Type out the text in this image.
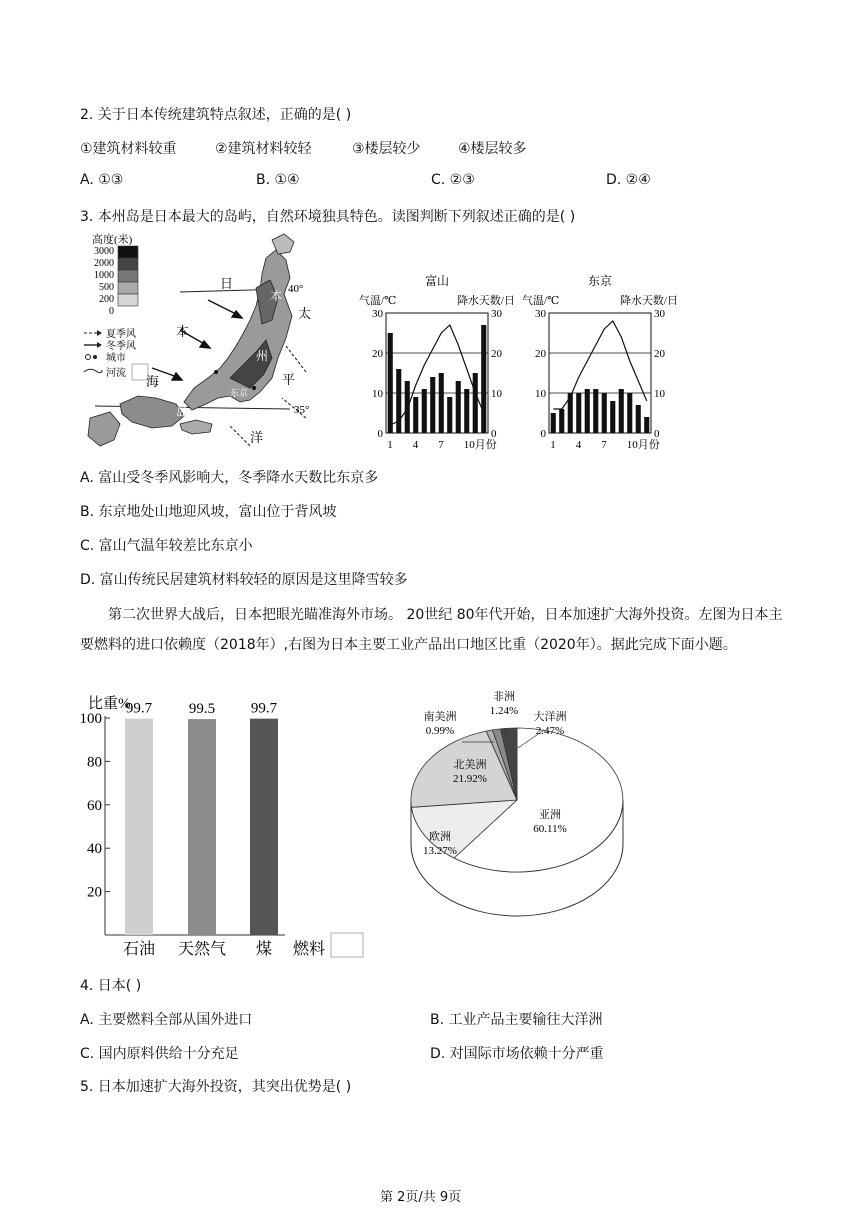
2. 关于日本传统建筑特点叙述，正确的是( )
①建筑材料较重	②建筑材料较轻	③楼层较少	④楼层较多
A. ①③	B. ①④	C. ②③	D. ②④
3. 本州岛是日本最大的岛屿，自然环境独具特色。读图判断下列叙述正确的是( )
高度(米)
3000
2000
1000
500
200
0
夏季风
冬季风
城市
河流
40°
35°
富山
东京
日
本
海
太
平
洋
本
州
岛
富山
气温/℃	降水天数/日
0	0
10	10
20	20
30	30
1 4 7 10月份
东京
气温/℃	降水天数/日
0	0
10	10
20	20
30	30
1 4 7 10月份
A. 富山受冬季风影响大，冬季降水天数比东京多
B. 东京地处山地迎风坡，富山位于背风坡
C. 富山气温年较差比东京小
D. 富山传统民居建筑材料较轻的原因是这里降雪较多
第二次世界大战后，日本把眼光瞄准海外市场。 20世纪 80年代开始，日本加速扩大海外投资。左图为日本主要燃料的进口依赖度（2018年）,右图为日本主要工业产品出口地区比重（2020年）。据此完成下面小题。
比重%
20
40
60
80
100
99.7
石油
99.5
天然气
99.7
煤 燃料
亚洲
60.11%
欧洲
13.27%
北美洲
21.92%
南美洲
0.99%
非洲
1.24% 大洋洲
2.47%
4. 日本( )
A. 主要燃料全部从国外进口	B. 工业产品主要输往大洋洲
C. 国内原料供给十分充足	D. 对国际市场依赖十分严重
5. 日本加速扩大海外投资，其突出优势是( )
第 2页/共 9页
